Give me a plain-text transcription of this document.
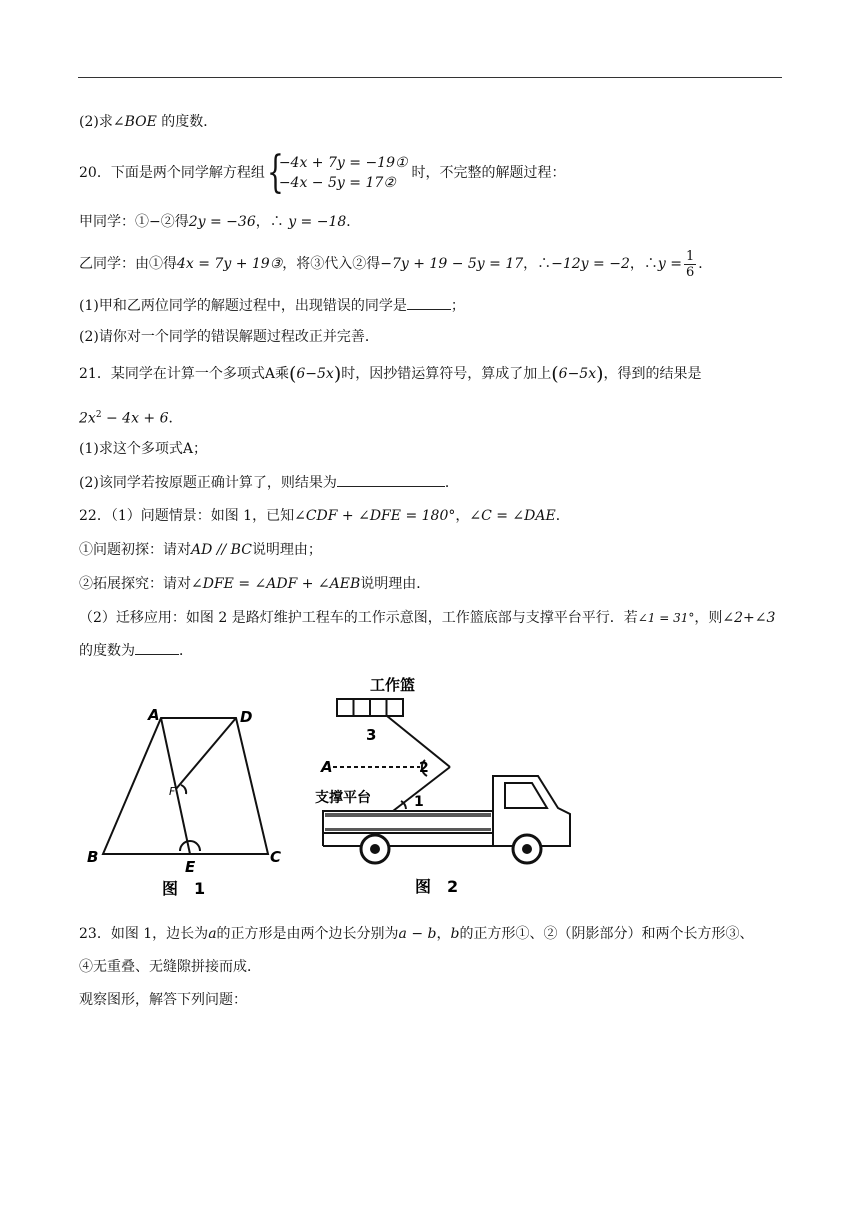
(2)求∠BOE 的度数．
20． 下面是两个同学解方程组 {
−4x + 7y = −19①
−4x − 5y = 17②
时，不完整的解题过程：
甲同学：①−②得2y = −36，∴ y = −18．
乙同学：由①得 4x = 7y + 19③ ，将③代入②得 −7y + 19 − 5y = 17 ，∴ −12y = −2 ，∴ $y = \frac{1}{6}$ ．
(1)甲和乙两位同学的解题过程中，出现错误的同学是	；
(2)请你对一个同学的错误解题过程改正并完善．
21．某同学在计算一个多项式A乘(6−5x)时，因抄错运算符号，算成了加上(6−5x)，得到的结果是
$2x^2 - 4x + 6$．
(1)求这个多项式A；
(2)该同学若按原题正确计算了，则结果为	．
22．（1）问题情景：如图 1，已知∠CDF + ∠DFE = 180°，∠C = ∠DAE．
①问题初探：请对AD // BC说明理由；
②拓展探究：请对∠DFE = ∠ADF + ∠AEB说明理由．
（2）迁移应用：如图 2 是路灯维护工程车的工作示意图，工作篮底部与支撑平台平行．若∠1 = 31°，则∠2+∠3
的度数为	．
A	D
B	C
E
F
图　1
工作篮
3
A	2
1
支撑平台
图　2
23．如图 1，边长为a的正方形是由两个边长分别为a − b，b的正方形①、②（阴影部分）和两个长方形③、
④无重叠、无缝隙拼接而成．
观察图形，解答下列问题：
